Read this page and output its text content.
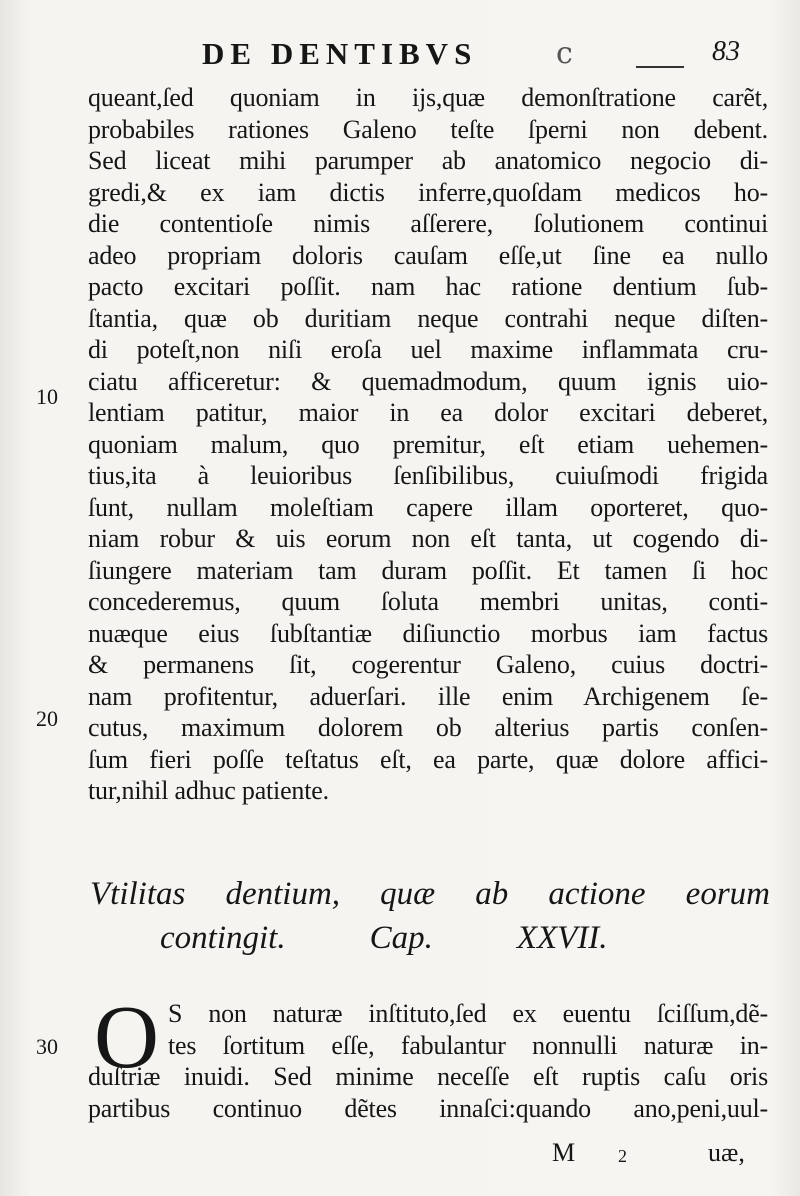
DE DENTIBVS	c	83
10
20
30
queant,ſed quoniam in ijs,quæ demonſtratione carẽt,
probabiles rationes Galeno teſte ſperni non debent.
Sed liceat mihi parumper ab anatomico negocio di-
gredi,& ex iam dictis inferre,quoſdam medicos ho-
die contentioſe nimis aſſerere, ſolutionem continui
adeo propriam doloris cauſam eſſe,ut ſine ea nullo
pacto excitari poſſit. nam hac ratione dentium ſub-
ſtantia, quæ ob duritiam neque contrahi neque diſten-
di poteſt,non niſi eroſa uel maxime inflammata cru-
ciatu afficeretur: & quemadmodum, quum ignis uio-
lentiam patitur, maior in ea dolor excitari deberet,
quoniam malum, quo premitur, eſt etiam uehemen-
tius,ita à leuioribus ſenſibilibus, cuiuſmodi frigida
ſunt, nullam moleſtiam capere illam oporteret, quo-
niam robur & uis eorum non eſt tanta, ut cogendo di-
ſiungere materiam tam duram poſſit. Et tamen ſi hoc
concederemus, quum ſoluta membri unitas, conti-
nuæque eius ſubſtantiæ diſiunctio morbus iam factus
& permanens ſit, cogerentur Galeno, cuius doctri-
nam profitentur, aduerſari. ille enim Archigenem ſe-
cutus, maximum dolorem ob alterius partis conſen-
ſum fieri poſſe teſtatus eſt, ea parte, quæ dolore affici-
tur,nihil adhuc patiente.
Vtilitas dentium, quæ ab actione eorum
contingit.	Cap.	XXVII.
O S non naturæ inſtituto,ſed ex euentu ſciſſum,dẽ-
tes ſortitum eſſe, fabulantur nonnulli naturæ in-
duſtriæ inuidi. Sed minime neceſſe eſt ruptis caſu oris
partibus continuo dẽtes innaſci:quando ano,peni,uul-
M 2	uæ,
